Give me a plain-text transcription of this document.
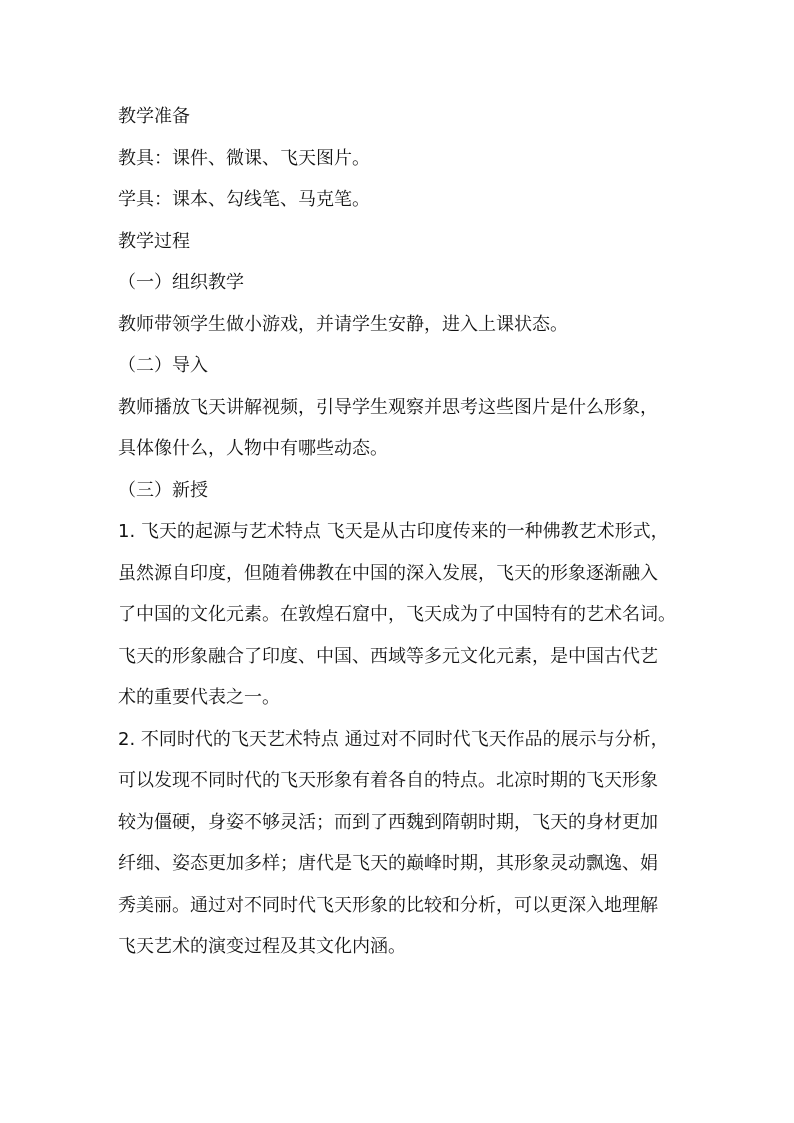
教学准备

教具：课件、微课、飞天图片。

学具：课本、勾线笔、马克笔。

教学过程

（一）组织教学

教师带领学生做小游戏，并请学生安静，进入上课状态。

（二）导入

教师播放飞天讲解视频，引导学生观察并思考这些图片是什么形象，

具体像什么，人物中有哪些动态。

（三）新授

1. 飞天的起源与艺术特点 飞天是从古印度传来的一种佛教艺术形式，

虽然源自印度，但随着佛教在中国的深入发展，飞天的形象逐渐融入

了中国的文化元素。在敦煌石窟中，飞天成为了中国特有的艺术名词。

飞天的形象融合了印度、中国、西域等多元文化元素，是中国古代艺

术的重要代表之一。

2. 不同时代的飞天艺术特点 通过对不同时代飞天作品的展示与分析，

可以发现不同时代的飞天形象有着各自的特点。北凉时期的飞天形象

较为僵硬，身姿不够灵活；而到了西魏到隋朝时期，飞天的身材更加

纤细、姿态更加多样；唐代是飞天的巅峰时期，其形象灵动飘逸、娟

秀美丽。通过对不同时代飞天形象的比较和分析，可以更深入地理解

飞天艺术的演变过程及其文化内涵。
